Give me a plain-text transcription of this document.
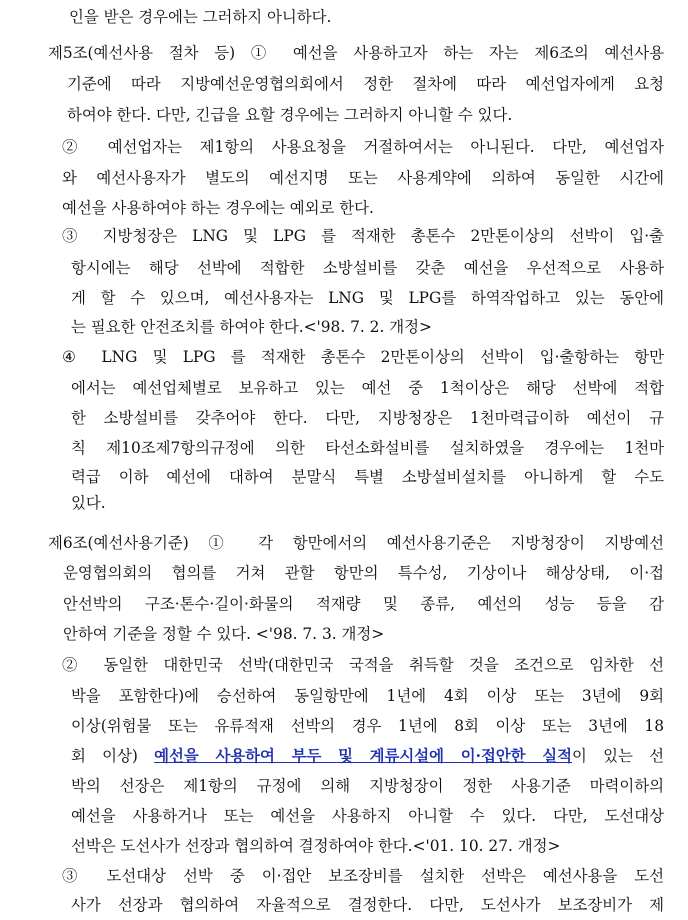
인을 받은 경우에는 그러하지 아니하다.
제5조(예선사용 절차 등) ① 예선을 사용하고자 하는 자는 제6조의 예선사용
기준에 따라 지방예선운영협의회에서 정한 절차에 따라 예선업자에게 요청
하여야 한다. 다만, 긴급을 요할 경우에는 그러하지 아니할 수 있다.
② 예선업자는 제1항의 사용요청을 거절하여서는 아니된다. 다만, 예선업자
와 예선사용자가 별도의 예선지명 또는 사용계약에 의하여 동일한 시간에
예선을 사용하여야 하는 경우에는 예외로 한다.
③ 지방청장은 LNG 및 LPG 를 적재한 총톤수 2만톤이상의 선박이 입·출
항시에는 해당 선박에 적합한 소방설비를 갖춘 예선을 우선적으로 사용하
게 할 수 있으며, 예선사용자는 LNG 및 LPG를 하역작업하고 있는 동안에
는 필요한 안전조치를 하여야 한다.<'98. 7. 2. 개정>
④ LNG 및 LPG 를 적재한 총톤수 2만톤이상의 선박이 입·출항하는 항만
에서는 예선업체별로 보유하고 있는 예선 중 1척이상은 해당 선박에 적합
한 소방설비를 갖추어야 한다. 다만, 지방청장은 1천마력급이하 예선이 규
칙 제10조제7항의규정에 의한 타선소화설비를 설치하였을 경우에는 1천마
력급 이하 예선에 대하여 분말식 특별 소방설비설치를 아니하게 할 수도
있다.
제6조(예선사용기준) ① 각 항만에서의 예선사용기준은 지방청장이 지방예선
운영협의회의 협의를 거쳐 관할 항만의 특수성, 기상이나 해상상태, 이·접
안선박의 구조·톤수·길이·화물의 적재량 및 종류, 예선의 성능 등을 감
안하여 기준을 정할 수 있다. <'98. 7. 3. 개정>
② 동일한 대한민국 선박(대한민국 국적을 취득할 것을 조건으로 임차한 선
박을 포함한다)에 승선하여 동일항만에 1년에 4회 이상 또는 3년에 9회
이상(위험물 또는 유류적재 선박의 경우 1년에 8회 이상 또는 3년에 18
회 이상) 예선을 사용하여 부두 및 계류시설에 이·접안한 실적이 있는 선
박의 선장은 제1항의 규정에 의해 지방청장이 정한 사용기준 마력이하의
예선을 사용하거나 또는 예선을 사용하지 아니할 수 있다. 다만, 도선대상
선박은 도선사가 선장과 협의하여 결정하여야 한다.<'01. 10. 27. 개정>
③ 도선대상 선박 중 이·접안 보조장비를 설치한 선박은 예선사용을 도선
사가 선장과 협의하여 자율적으로 결정한다. 다만, 도선사가 보조장비가 제
